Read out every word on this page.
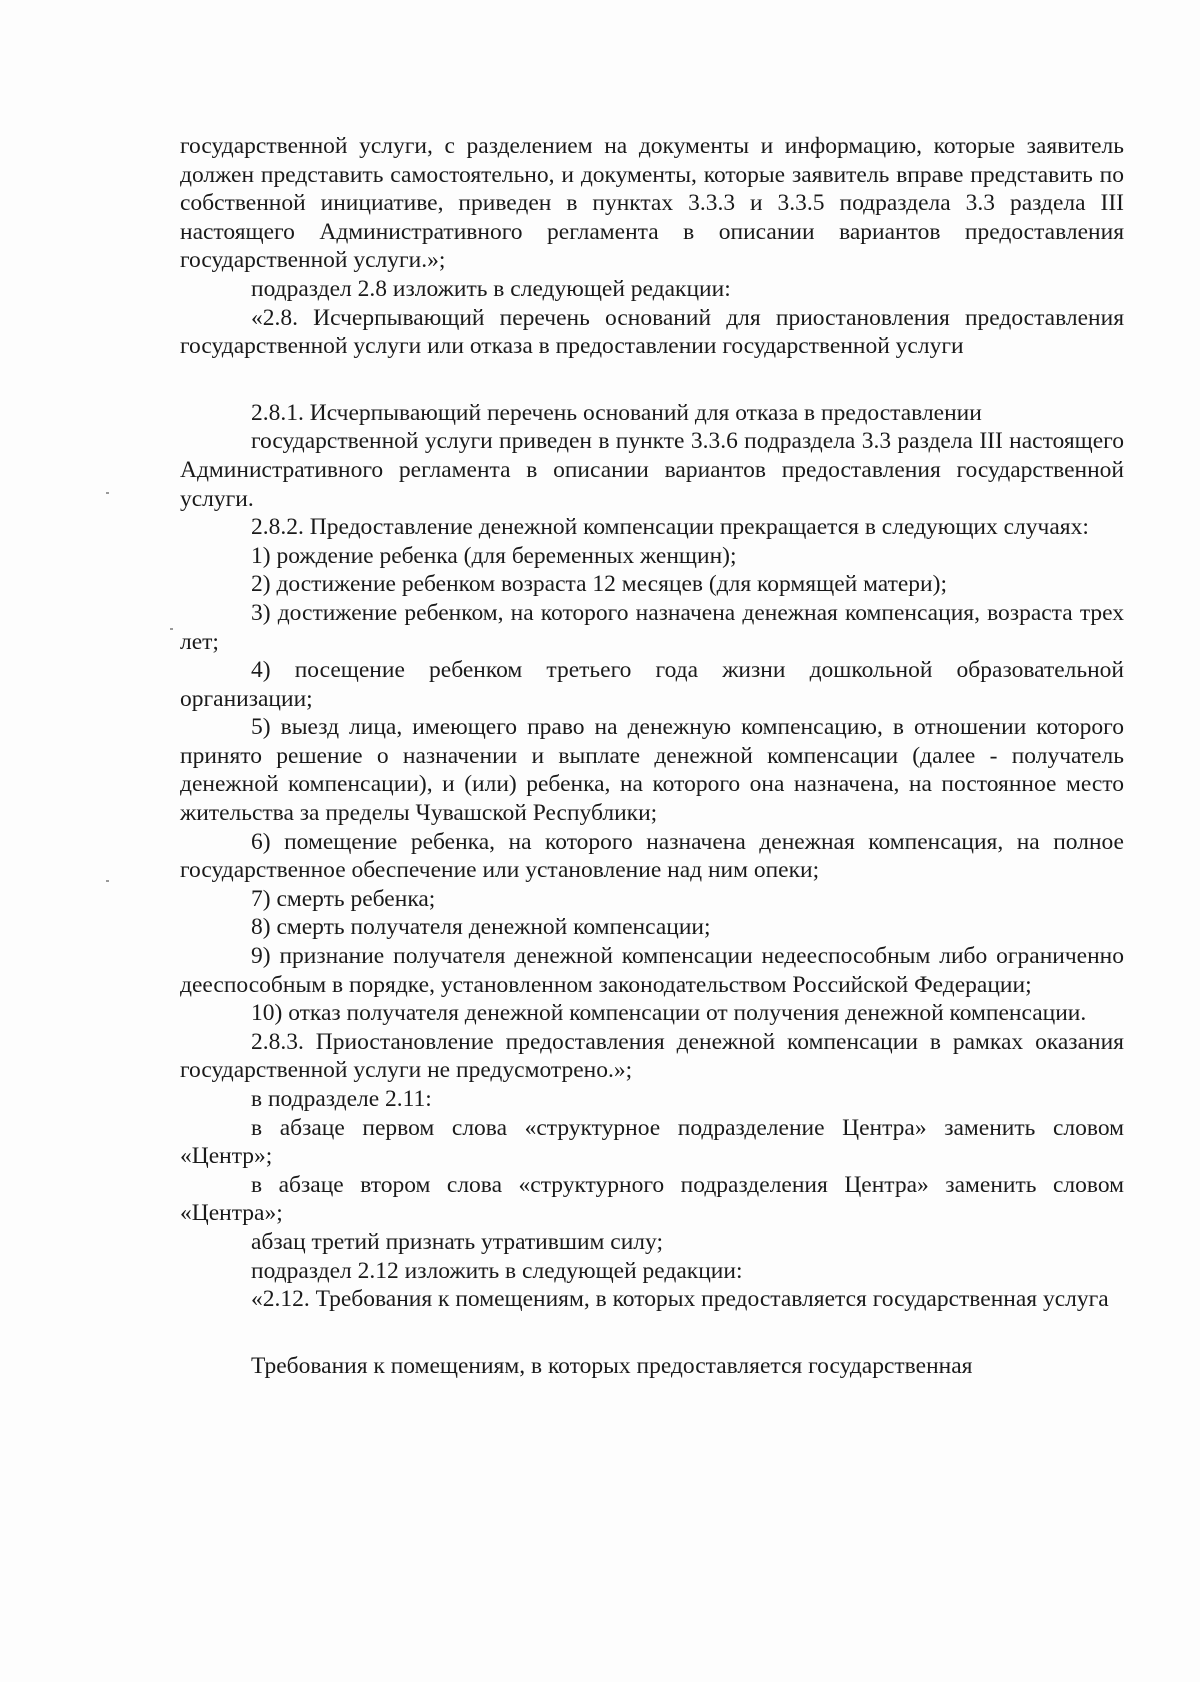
государственной услуги, с разделением на документы и информацию, которые заявитель должен представить самостоятельно, и документы, которые заявитель вправе представить по собственной инициативе, приведен в пунктах 3.3.3 и 3.3.5 подраздела 3.3 раздела III настоящего Административного регламента в описании вариантов предоставления государственной услуги.»;

подраздел 2.8 изложить в следующей редакции:

«2.8. Исчерпывающий перечень оснований для приостановления предоставления государственной услуги или отказа в предоставлении государственной услуги

2.8.1. Исчерпывающий перечень оснований для отказа в предоставлении

государственной услуги приведен в пункте 3.3.6 подраздела 3.3 раздела III настоящего Административного регламента в описании вариантов предоставления государственной услуги.

2.8.2. Предоставление денежной компенсации прекращается в следующих случаях:

1) рождение ребенка (для беременных женщин);

2) достижение ребенком возраста 12 месяцев (для кормящей матери);

3) достижение ребенком, на которого назначена денежная компенсация, возраста трех лет;

4) посещение ребенком третьего года жизни дошкольной образовательной организации;

5) выезд лица, имеющего право на денежную компенсацию, в отношении которого принято решение о назначении и выплате денежной компенсации (далее - получатель денежной компенсации), и (или) ребенка, на которого она назначена, на постоянное место жительства за пределы Чувашской Республики;

6) помещение ребенка, на которого назначена денежная компенсация, на полное государственное обеспечение или установление над ним опеки;

7) смерть ребенка;

8) смерть получателя денежной компенсации;

9) признание получателя денежной компенсации недееспособным либо ограниченно дееспособным в порядке, установленном законодательством Российской Федерации;

10) отказ получателя денежной компенсации от получения денежной компенсации.

2.8.3. Приостановление предоставления денежной компенсации в рамках оказания государственной услуги не предусмотрено.»;

в подразделе 2.11:

в абзаце первом слова «структурное подразделение Центра» заменить словом «Центр»;

в абзаце втором слова «структурного подразделения Центра» заменить словом «Центра»;

абзац третий признать утратившим силу;

подраздел 2.12 изложить в следующей редакции:

«2.12. Требования к помещениям, в которых предоставляется государственная услуга

Требования к помещениям, в которых предоставляется государственная
